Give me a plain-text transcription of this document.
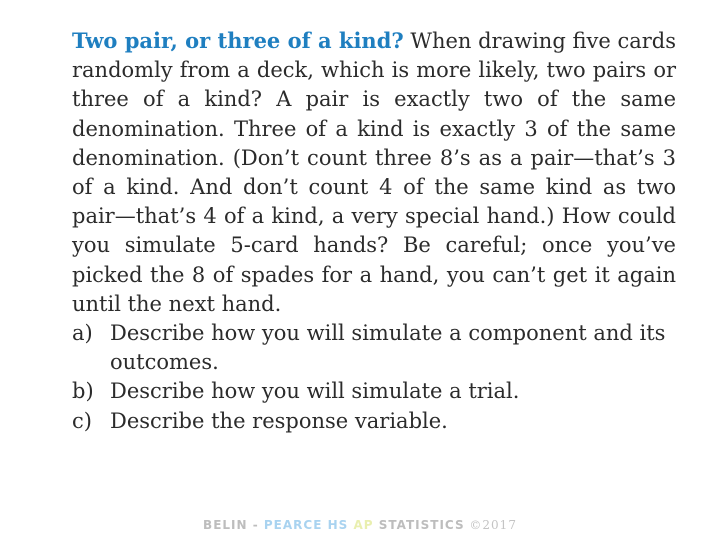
Two pair, or three of a kind? When drawing five cards randomly from a deck, which is more likely, two pairs or three of a kind? A pair is exactly two of the same denomination. Three of a kind is exactly 3 of the same denomination. (Don’t count three 8’s as a pair—that’s 3 of a kind. And don’t count 4 of the same kind as two pair—that’s 4 of a kind, a very special hand.) How could you simulate 5-card hands? Be careful; once you’ve picked the 8 of spades for a hand, you can’t get it again until the next hand.

a) Describe how you will simulate a component and its outcomes.
b) Describe how you will simulate a trial.
c) Describe the response variable.
BELIN - PEARCE HS AP STATISTICS ©2017
